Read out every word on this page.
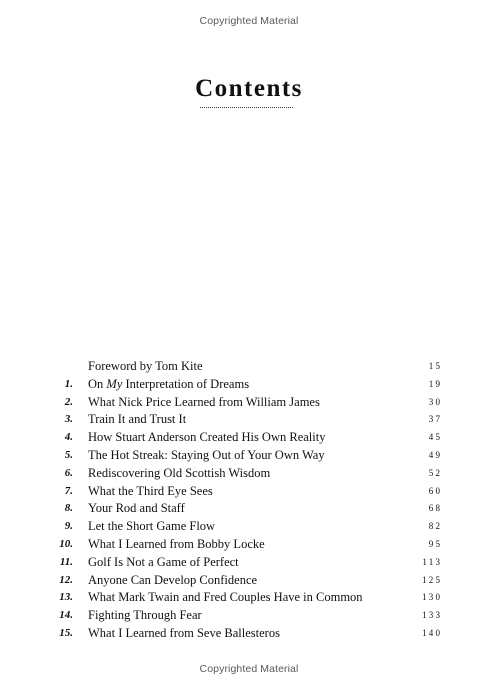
Copyrighted Material
Contents
Foreword by Tom Kite	15
1. On My Interpretation of Dreams	19
2. What Nick Price Learned from William James	30
3. Train It and Trust It	37
4. How Stuart Anderson Created His Own Reality	45
5. The Hot Streak: Staying Out of Your Own Way	49
6. Rediscovering Old Scottish Wisdom	52
7. What the Third Eye Sees	60
8. Your Rod and Staff	68
9. Let the Short Game Flow	82
10. What I Learned from Bobby Locke	95
11. Golf Is Not a Game of Perfect	113
12. Anyone Can Develop Confidence	125
13. What Mark Twain and Fred Couples Have in Common	130
14. Fighting Through Fear	133
15. What I Learned from Seve Ballesteros	140
Copyrighted Material
